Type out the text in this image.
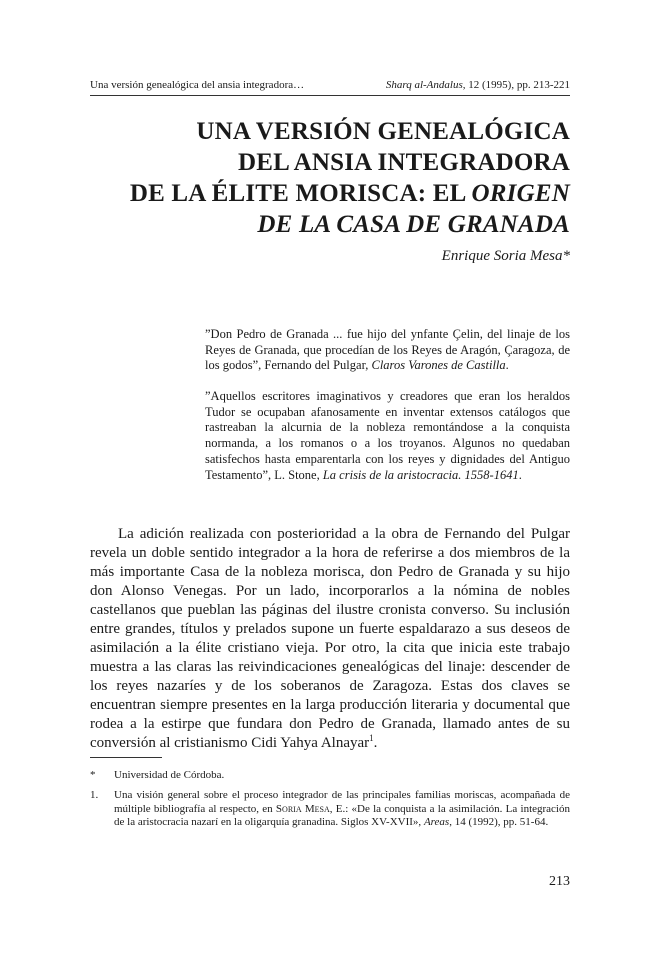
Una versión genealógica del ansia integradora…	Sharq al-Andalus, 12 (1995), pp. 213-221
UNA VERSIÓN GENEALÓGICA
DEL ANSIA INTEGRADORA
DE LA ÉLITE MORISCA: EL ORIGEN
DE LA CASA DE GRANADA

Enrique Soria Mesa*

”Don Pedro de Granada ... fue hijo del ynfante Çelin, del linaje de los Reyes de Granada, que procedían de los Reyes de Aragón, Çaragoza, de los godos”, Fernando del Pulgar, Claros Varones de Castilla.

”Aquellos escritores imaginativos y creadores que eran los heraldos Tudor se ocupaban afanosamente en inventar extensos catálogos que rastreaban la alcurnia de la nobleza remontándose a la conquista normanda, a los romanos o a los troyanos. Algunos no quedaban satisfechos hasta emparentarla con los reyes y dignidades del Antiguo Testamento”, L. Stone, La crisis de la aristocracia. 1558-1641.

La adición realizada con posterioridad a la obra de Fernando del Pulgar revela un doble sentido integrador a la hora de referirse a dos miembros de la más importante Casa de la nobleza morisca, don Pedro de Granada y su hijo don Alonso Venegas. Por un lado, incorporarlos a la nómina de nobles castellanos que pueblan las páginas del ilustre cronista converso. Su inclusión entre grandes, títulos y prelados supone un fuerte espaldarazo a sus deseos de asimilación a la élite cristiano vieja. Por otro, la cita que inicia este trabajo muestra a las claras las reivindicaciones genealógicas del linaje: descender de los reyes nazaríes y de los soberanos de Zaragoza. Estas dos claves se encuentran siempre presentes en la larga producción literaria y documental que rodea a la estirpe que fundara don Pedro de Granada, llamado antes de su conversión al cristianismo Cidi Yahya Alnayar$^1$.

*	Universidad de Córdoba.
1.	Una visión general sobre el proceso integrador de las principales familias moriscas, acompañada de múltiple bibliografía al respecto, en Soria Mesa, E.: «De la conquista a la asimilación. La integración de la aristocracia nazarí en la oligarquía granadina. Siglos XV-XVII», Areas, 14 (1992), pp. 51-64.

213
